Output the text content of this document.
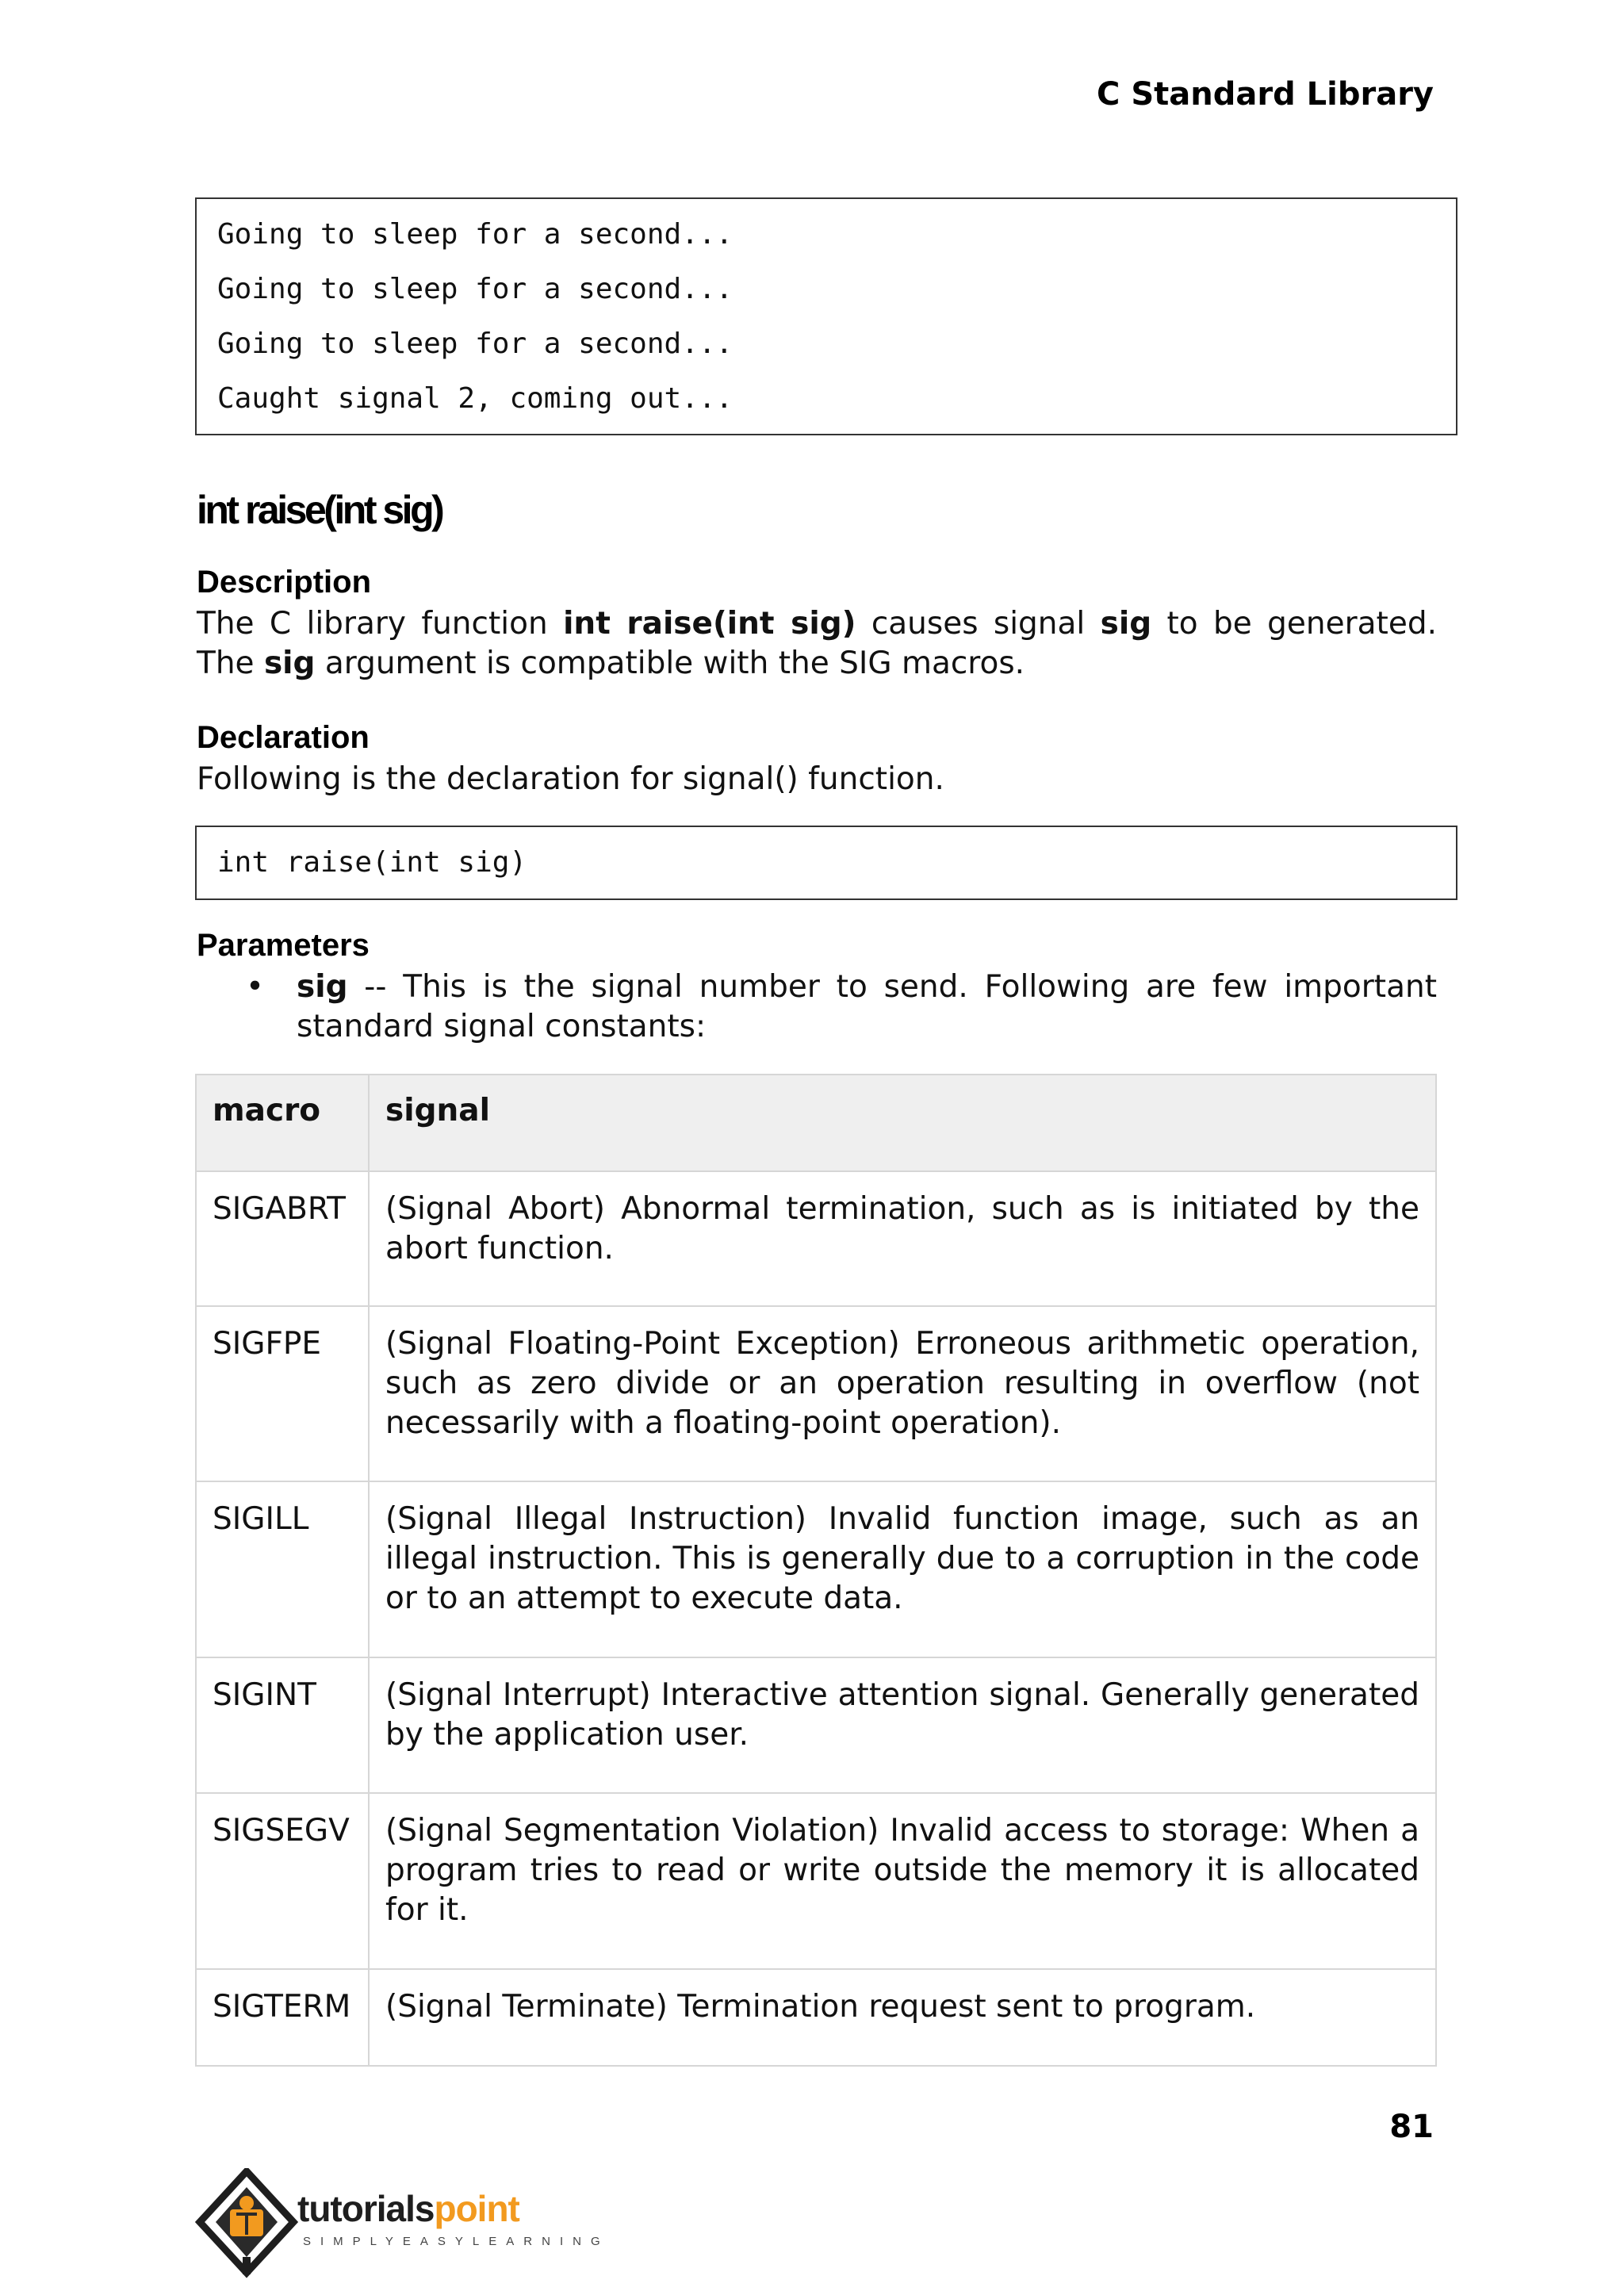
C Standard Library
Going to sleep for a second...
Going to sleep for a second...
Going to sleep for a second...
Caught signal 2, coming out...
int raise(int sig)
Description
The C library function int raise(int sig) causes signal sig to be generated. The sig argument is compatible with the SIG macros.
Declaration
Following is the declaration for signal() function.
int raise(int sig)
Parameters
• sig -- This is the signal number to send. Following are few important standard signal constants:
macro	signal
SIGABRT	(Signal Abort) Abnormal termination, such as is initiated by the abort function.
SIGFPE	(Signal Floating-Point Exception) Erroneous arithmetic operation, such as zero divide or an operation resulting in overflow (not necessarily with a floating-point operation).
SIGILL	(Signal Illegal Instruction) Invalid function image, such as an illegal instruction. This is generally due to a corruption in the code or to an attempt to execute data.
SIGINT	(Signal Interrupt) Interactive attention signal. Generally generated by the application user.
SIGSEGV	(Signal Segmentation Violation) Invalid access to storage: When a program tries to read or write outside the memory it is allocated for it.
SIGTERM	(Signal Terminate) Termination request sent to program.
81
tutorialspoint
SIMPLYEASYLEARNING
